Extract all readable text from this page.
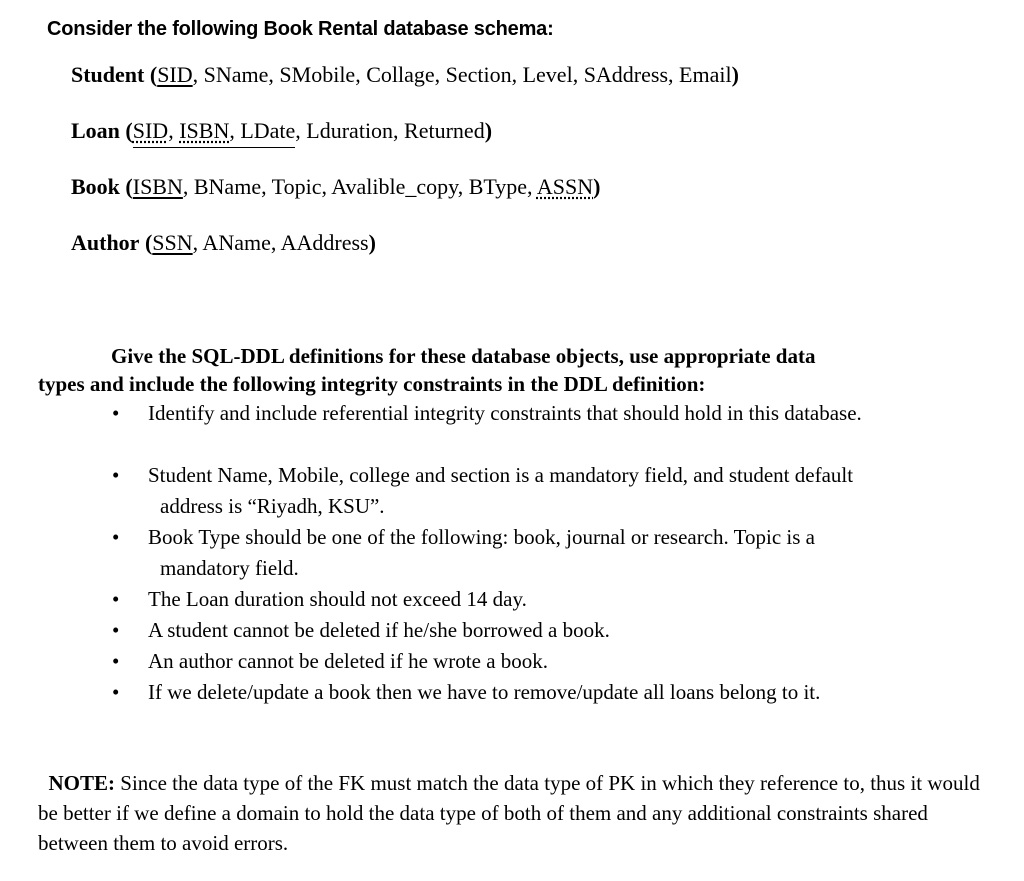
Consider the following Book Rental database schema:
Student (SID, SName, SMobile, Collage, Section, Level, SAddress, Email)
Loan (SID, ISBN, LDate, Lduration, Returned)
Book (ISBN, BName, Topic, Avalible_copy, BType, ASSN)
Author (SSN, AName, AAddress)
Give the SQL-DDL definitions for these database objects, use appropriate data
types and include the following integrity constraints in the DDL definition:
• Identify and include referential integrity constraints that should hold in this database.
• Student Name, Mobile, college and section is a mandatory field, and student default
address is “Riyadh, KSU”.
• Book Type should be one of the following: book, journal or research. Topic is a
mandatory field.
• The Loan duration should not exceed 14 day.
• A student cannot be deleted if he/she borrowed a book.
• An author cannot be deleted if he wrote a book.
• If we delete/update a book then we have to remove/update all loans belong to it.
NOTE: Since the data type of the FK must match the data type of PK in which they reference to, thus it would be better if we define a domain to hold the data type of both of them and any additional constraints shared between them to avoid errors.
